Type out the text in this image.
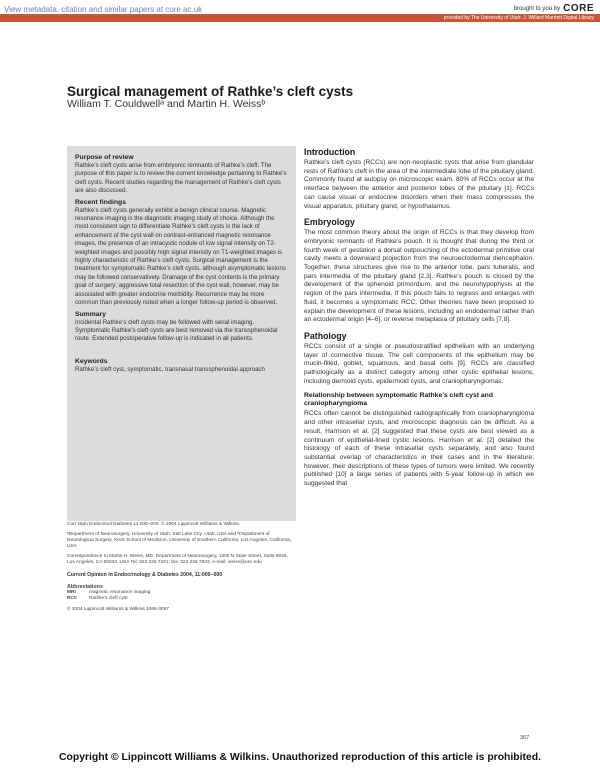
View metadata, citation and similar papers at core.ac.uk	brought to you by CORE
provided by The University of Utah: J. Willard Marriott Digital Library
Surgical management of Rathke’s cleft cysts
William T. Couldwellᵃ and Martin H. Weissᵇ
Purpose of review

Rathke’s cleft cysts arise from embryonic remnants of Rathke’s cleft. The purpose of this paper is to review the current knowledge pertaining to Rathke’s cleft cysts. Recent studies regarding the management of Rathke’s cleft cysts are also discussed.

Recent findings

Rathke’s cleft cysts generally exhibit a benign clinical course. Magnetic resonance imaging is the diagnostic imaging study of choice. Although the most consistent sign to differentiate Rathke’s cleft cysts is the lack of enhancement of the cyst wall on contrast-enhanced magnetic resonance images, the presence of an intracystic nodule of low signal intensity on T2-weighted images and possibly high signal intensity on T1-weighted images is highly characteristic of Rathke’s cleft cysts. Surgical management is the treatment for symptomatic Rathke’s cleft cysts, although asymptomatic lesions may be followed conservatively. Drainage of the cyst contents is the primary goal of surgery; aggressive total resection of the cyst wall, however, may be associated with greater endocrine morbidity. Recurrence may be more common than previously noted when a longer follow-up period is observed.

Summary

Incidental Rathke’s cleft cysts may be followed with serial imaging. Symptomatic Rathke’s cleft cysts are best removed via the transsphenoidal route. Extended postoperative follow-up is indicated in all patients.

Keywords

Rathke’s cleft cyst, symptomatic, transnasal transsphenoidal approach

Curr Opin Endocrinol Diabetes 11:000–000. © 2004 Lippincott Williams & Wilkins.

ᵃDepartment of Neurosurgery, University of Utah, Salt Lake City, Utah, USA and ᵇDepartment of Neurological Surgery, Keck School of Medicine, University of Southern California, Los Angeles, California, USA

Correspondence to Martin H. Weiss, MD, Department of Neurosurgery, 1200 N State Street, Suite 5046, Los Angeles, CA 90033, USA Tel: 323 226 7421; fax: 323 226 7833; e-mail: weiss@usc.edu

Current Opinion in Endocrinology & Diabetes 2004, 11:000–000

Abbreviations
MRI	magnetic resonance imaging
RCC	Rathke’s cleft cyst

© 2004 Lippincott Williams & Wilkins 1068-3097

Introduction

Rathke’s cleft cysts (RCCs) are non-neoplastic cysts that arise from glandular rests of Rathke’s cleft in the area of the intermediate lobe of the pituitary gland. Commonly found at autopsy on microscopic exam, 80% of RCCs occur at the interface between the anterior and posterior lobes of the pituitary [1]. RCCs can cause visual or endocrine disorders when their mass compresses the visual apparatus, pituitary gland, or hypothalamus.

Embryology

The most common theory about the origin of RCCs is that they develop from embryonic remnants of Rathke’s pouch. It is thought that during the third or fourth week of gestation a dorsal outpouching of the ectodermal primitive oral cavity meets a downward projection from the neuroectodermal diencephalon. Together, these structures give rise to the anterior lobe, pars tuberalis, and pars intermedia of the pituitary gland [2,3]. Rathke’s pouch is closed by the development of the sphenoid primordium, and the neurohypophysis at the region of the pars intermedia. If this pouch fails to regress and enlarges with fluid, it becomes a symptomatic RCC. Other theories have been proposed to explain the development of these lesions, including an endodermal rather than an ectodermal origin [4–6], or reverse metaplasia of pituitary cells [7,8].

Pathology

RCCs consist of a single or pseudostratified epithelium with an underlying layer of connective tissue. The cell components of the epithelium may be mucin-filled, goblet, squamous, and basal cells [9]. RCCs are classified pathologically as a distinct category among other cystic epithelial lesions, including dermoid cysts, epidermoid cysts, and craniopharyngiomas.

Relationship between symptomatic Rathke’s cleft cyst and craniopharyngioma

RCCs often cannot be distinguished radiographically from craniopharyngioma and other intrasellar cysts, and microscopic diagnosis can be difficult. As a result, Harrison et al. [2] suggested that these cysts are best viewed as a continuum of epithelial-lined cystic lesions. Harrison et al. [2] detailed the histology of each of these intrasellar cysts separately, and also found substantial overlap of characteristics in their cases and in the literature; however, their descriptions of these types of tumors were limited. We recently published [10] a large series of patients with 5-year follow-up in which we suggested that

367
Copyright © Lippincott Williams & Wilkins. Unauthorized reproduction of this article is prohibited.
